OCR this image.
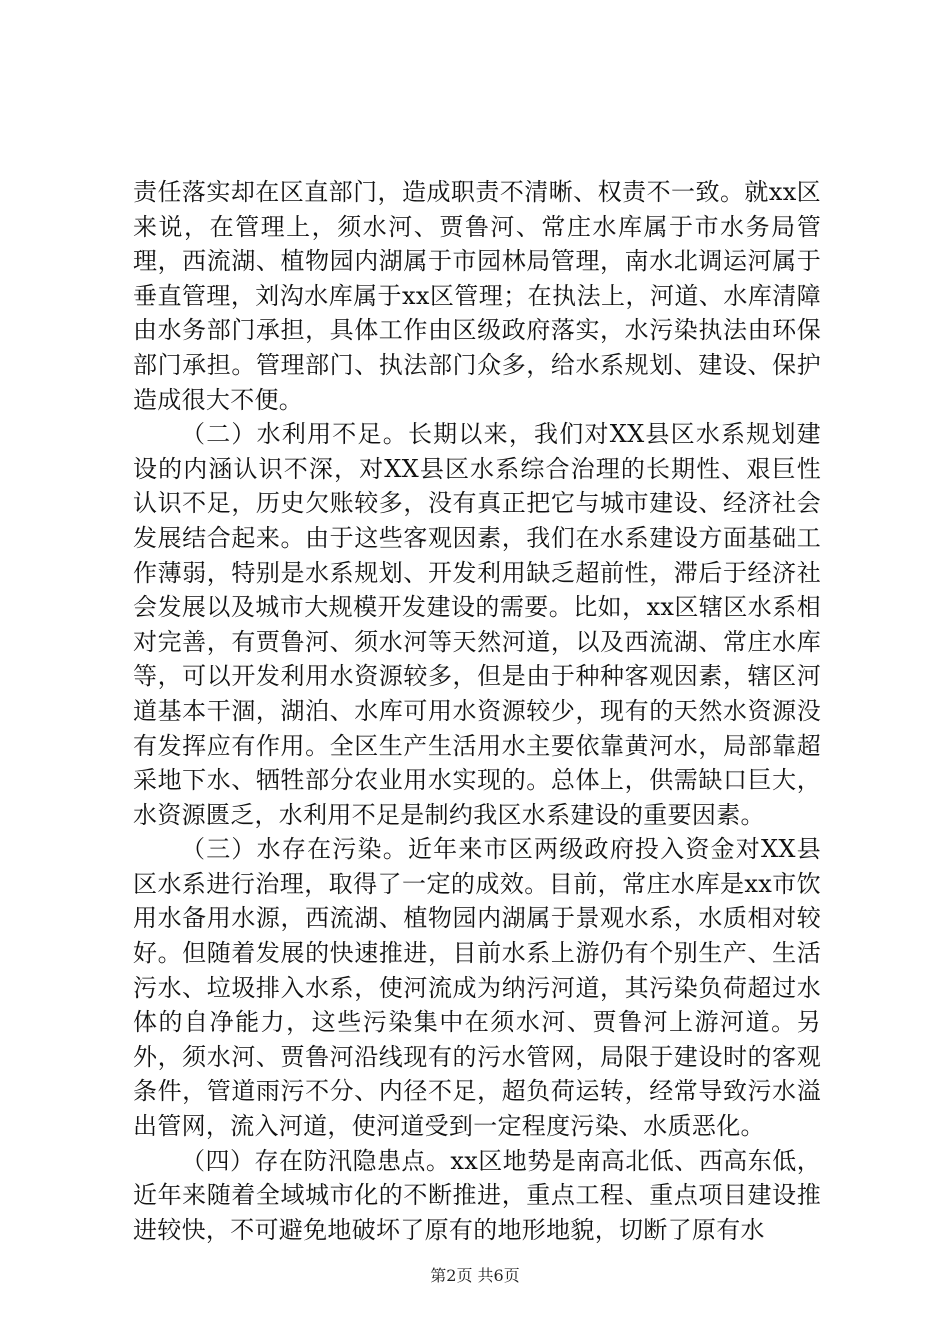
责任落实却在区直部门，造成职责不清晰、权责不一致。就xx区来说，在管理上，须水河、贾鲁河、常庄水库属于市水务局管理，西流湖、植物园内湖属于市园林局管理，南水北调运河属于垂直管理，刘沟水库属于xx区管理；在执法上，河道、水库清障由水务部门承担，具体工作由区级政府落实，水污染执法由环保部门承担。管理部门、执法部门众多，给水系规划、建设、保护造成很大不便。

（二）水利用不足。长期以来，我们对XX县区水系规划建设的内涵认识不深，对XX县区水系综合治理的长期性、艰巨性认识不足，历史欠账较多，没有真正把它与城市建设、经济社会发展结合起来。由于这些客观因素，我们在水系建设方面基础工作薄弱，特别是水系规划、开发利用缺乏超前性，滞后于经济社会发展以及城市大规模开发建设的需要。比如，xx区辖区水系相对完善，有贾鲁河、须水河等天然河道，以及西流湖、常庄水库等，可以开发利用水资源较多，但是由于种种客观因素，辖区河道基本干涸，湖泊、水库可用水资源较少，现有的天然水资源没有发挥应有作用。全区生产生活用水主要依靠黄河水，局部靠超采地下水、牺牲部分农业用水实现的。总体上，供需缺口巨大，水资源匮乏，水利用不足是制约我区水系建设的重要因素。

（三）水存在污染。近年来市区两级政府投入资金对XX县区水系进行治理，取得了一定的成效。目前，常庄水库是xx市饮用水备用水源，西流湖、植物园内湖属于景观水系，水质相对较好。但随着发展的快速推进，目前水系上游仍有个别生产、生活污水、垃圾排入水系，使河流成为纳污河道，其污染负荷超过水体的自净能力，这些污染集中在须水河、贾鲁河上游河道。另外，须水河、贾鲁河沿线现有的污水管网，局限于建设时的客观条件，管道雨污不分、内径不足，超负荷运转，经常导致污水溢出管网，流入河道，使河道受到一定程度污染、水质恶化。

（四）存在防汛隐患点。xx区地势是南高北低、西高东低，近年来随着全域城市化的不断推进，重点工程、重点项目建设推进较快，不可避免地破坏了原有的地形地貌，切断了原有水

第2页 共6页
